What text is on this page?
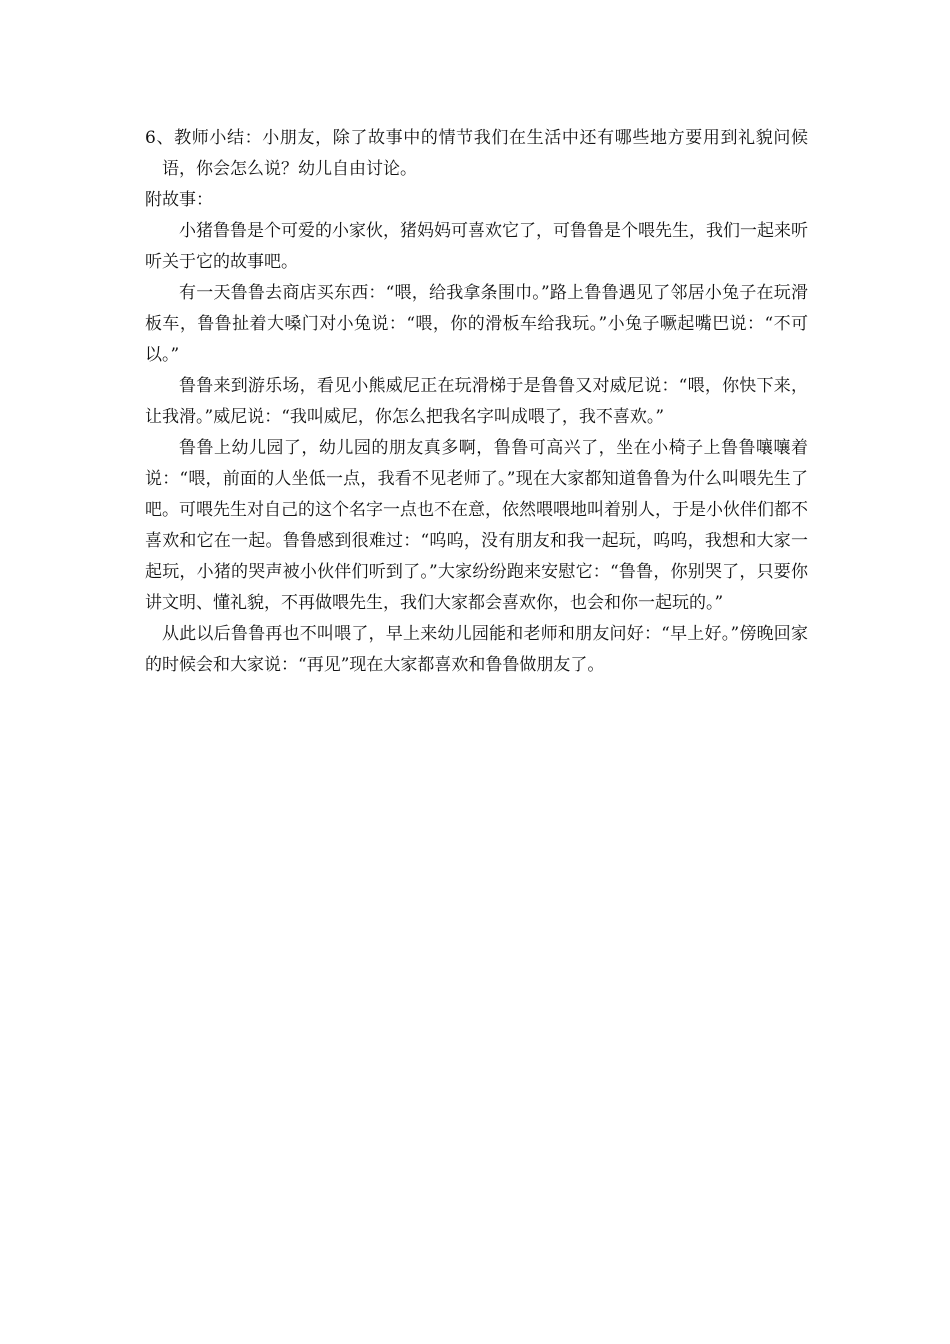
6、教师小结：小朋友，除了故事中的情节我们在生活中还有哪些地方要用到礼貌问候语，你会怎么说？幼儿自由讨论。

附故事：

小猪鲁鲁是个可爱的小家伙，猪妈妈可喜欢它了，可鲁鲁是个喂先生，我们一起来听听关于它的故事吧。

有一天鲁鲁去商店买东西：“喂，给我拿条围巾。”路上鲁鲁遇见了邻居小兔子在玩滑板车，鲁鲁扯着大嗓门对小兔说：“喂，你的滑板车给我玩。”小兔子噘起嘴巴说：“不可以。”

鲁鲁来到游乐场，看见小熊威尼正在玩滑梯于是鲁鲁又对威尼说：“喂，你快下来，让我滑。”威尼说：“我叫威尼，你怎么把我名字叫成喂了，我不喜欢。”

鲁鲁上幼儿园了，幼儿园的朋友真多啊，鲁鲁可高兴了，坐在小椅子上鲁鲁嚷嚷着说：“喂，前面的人坐低一点，我看不见老师了。”现在大家都知道鲁鲁为什么叫喂先生了吧。可喂先生对自己的这个名字一点也不在意，依然喂喂地叫着别人，于是小伙伴们都不喜欢和它在一起。鲁鲁感到很难过：“呜呜，没有朋友和我一起玩，呜呜，我想和大家一起玩，小猪的哭声被小伙伴们听到了。”大家纷纷跑来安慰它：“鲁鲁，你别哭了，只要你讲文明、懂礼貌，不再做喂先生，我们大家都会喜欢你，也会和你一起玩的。”

从此以后鲁鲁再也不叫喂了，早上来幼儿园能和老师和朋友问好：“早上好。”傍晚回家的时候会和大家说：“再见”现在大家都喜欢和鲁鲁做朋友了。
